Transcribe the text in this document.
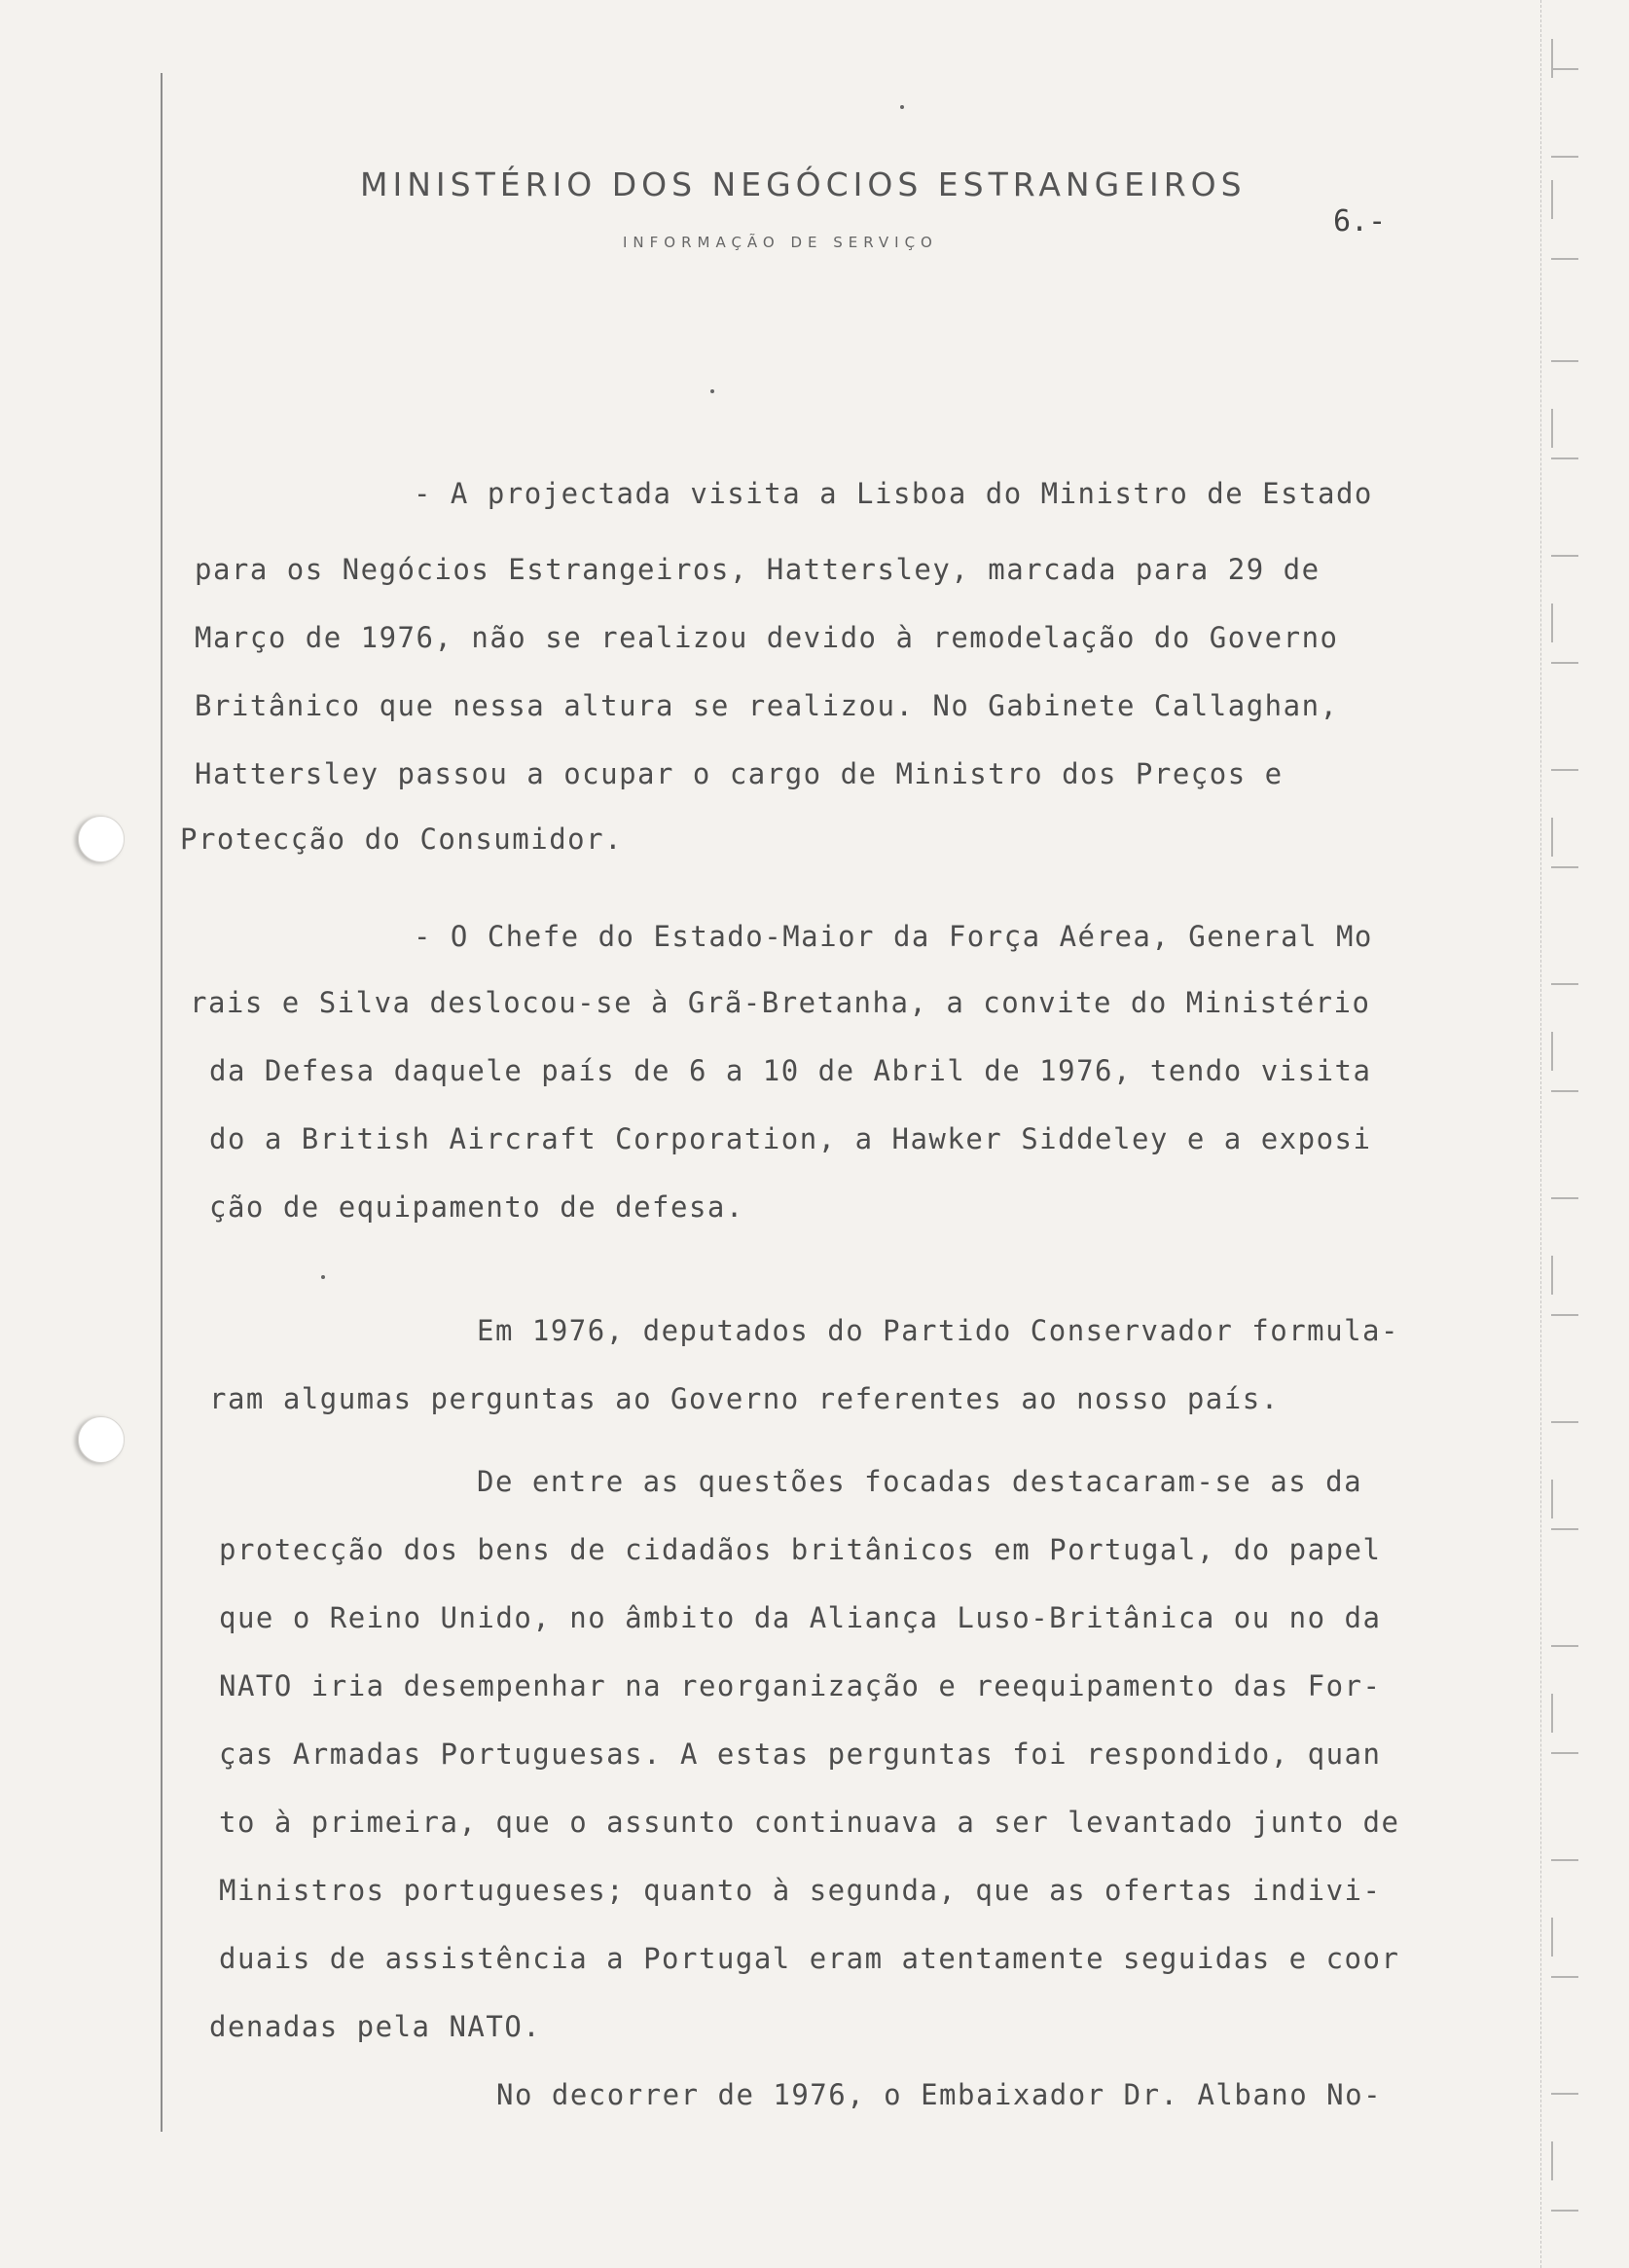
MINISTÉRIO DOS NEGÓCIOS ESTRANGEIROS
INFORMAÇÃO DE SERVIÇO
6.-
- A projectada visita a Lisboa do Ministro de Estado
para os Negócios Estrangeiros, Hattersley, marcada para 29 de
Março de 1976, não se realizou devido à remodelação do Governo
Britânico que nessa altura se realizou. No Gabinete Callaghan,
Hattersley passou a ocupar o cargo de Ministro dos Preços e
Protecção do Consumidor.
- O Chefe do Estado-Maior da Força Aérea, General Mo
rais e Silva deslocou-se à Grã-Bretanha, a convite do Ministério
da Defesa daquele país de 6 a 10 de Abril de 1976, tendo visita
do a British Aircraft Corporation, a Hawker Siddeley e a exposi
ção de equipamento de defesa.
Em 1976, deputados do Partido Conservador formula-
ram algumas perguntas ao Governo referentes ao nosso país.
De entre as questões focadas destacaram-se as da
protecção dos bens de cidadãos britânicos em Portugal, do papel
que o Reino Unido, no âmbito da Aliança Luso-Britânica ou no da
NATO iria desempenhar na reorganização e reequipamento das For-
ças Armadas Portuguesas. A estas perguntas foi respondido, quan
to à primeira, que o assunto continuava a ser levantado junto de
Ministros portugueses; quanto à segunda, que as ofertas indivi-
duais de assistência a Portugal eram atentamente seguidas e coor
denadas pela NATO.
No decorrer de 1976, o Embaixador Dr. Albano No-
